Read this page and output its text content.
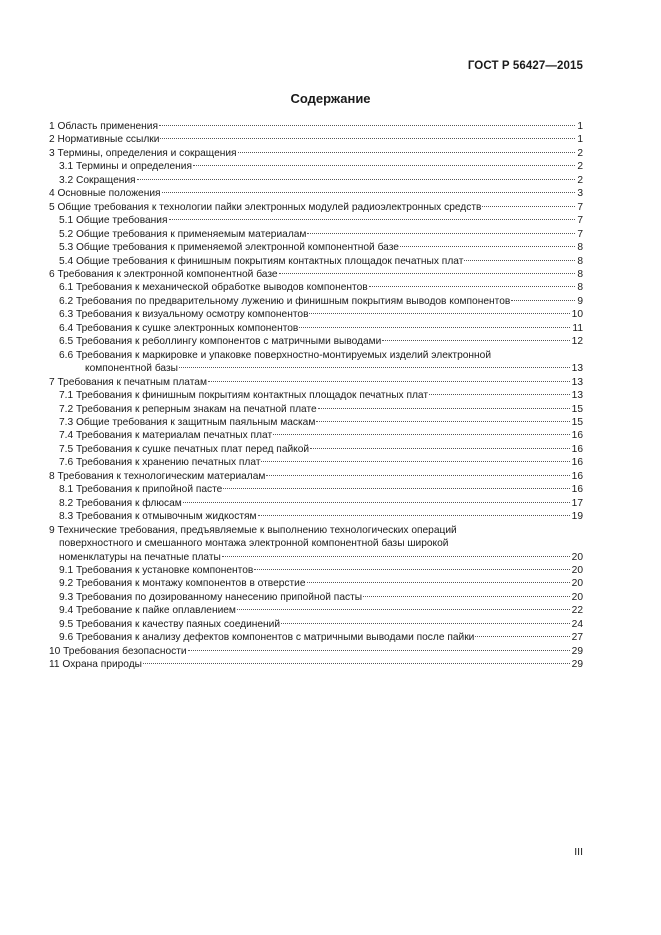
ГОСТ Р 56427—2015
Содержание
1 Область применения	1
2 Нормативные ссылки	1
3 Термины, определения и сокращения	2
3.1 Термины и определения	2
3.2 Сокращения	2
4 Основные положения	3
5 Общие требования к технологии пайки электронных модулей радиоэлектронных средств	7
5.1 Общие требования	7
5.2 Общие требования к применяемым материалам	7
5.3 Общие требования к применяемой электронной компонентной базе	8
5.4 Общие требования к финишным покрытиям контактных площадок печатных плат	8
6 Требования к электронной компонентной базе	8
6.1 Требования к механической обработке выводов компонентов	8
6.2 Требования по предварительному лужению и финишным покрытиям выводов компонентов	9
6.3 Требования к визуальному осмотру компонентов	10
6.4 Требования к сушке электронных компонентов	11
6.5 Требования к реболлингу компонентов с матричными выводами	12
6.6 Требования к маркировке и упаковке поверхностно-монтируемых изделий электронной
компонентной базы	13
7 Требования к печатным платам	13
7.1 Требования к финишным покрытиям контактных площадок печатных плат	13
7.2 Требования к реперным знакам на печатной плате	15
7.3 Общие требования к защитным паяльным маскам	15
7.4 Требования к материалам печатных плат	16
7.5 Требования к сушке печатных плат перед пайкой	16
7.6 Требования к хранению печатных плат	16
8 Требования к технологическим материалам	16
8.1 Требования к припойной пасте	16
8.2 Требования к флюсам	17
8.3 Требования к отмывочным жидкостям	19
9 Технические требования, предъявляемые к выполнению технологических операций
поверхностного и смешанного монтажа электронной компонентной базы широкой
номенклатуры на печатные платы	20
9.1 Требования к установке компонентов	20
9.2 Требования к монтажу компонентов в отверстие	20
9.3 Требования по дозированному нанесению припойной пасты	20
9.4 Требование к пайке оплавлением	22
9.5 Требования к качеству паяных соединений	24
9.6 Требования к анализу дефектов компонентов с матричными выводами после пайки	27
10 Требования безопасности	29
11 Охрана природы	29
III
